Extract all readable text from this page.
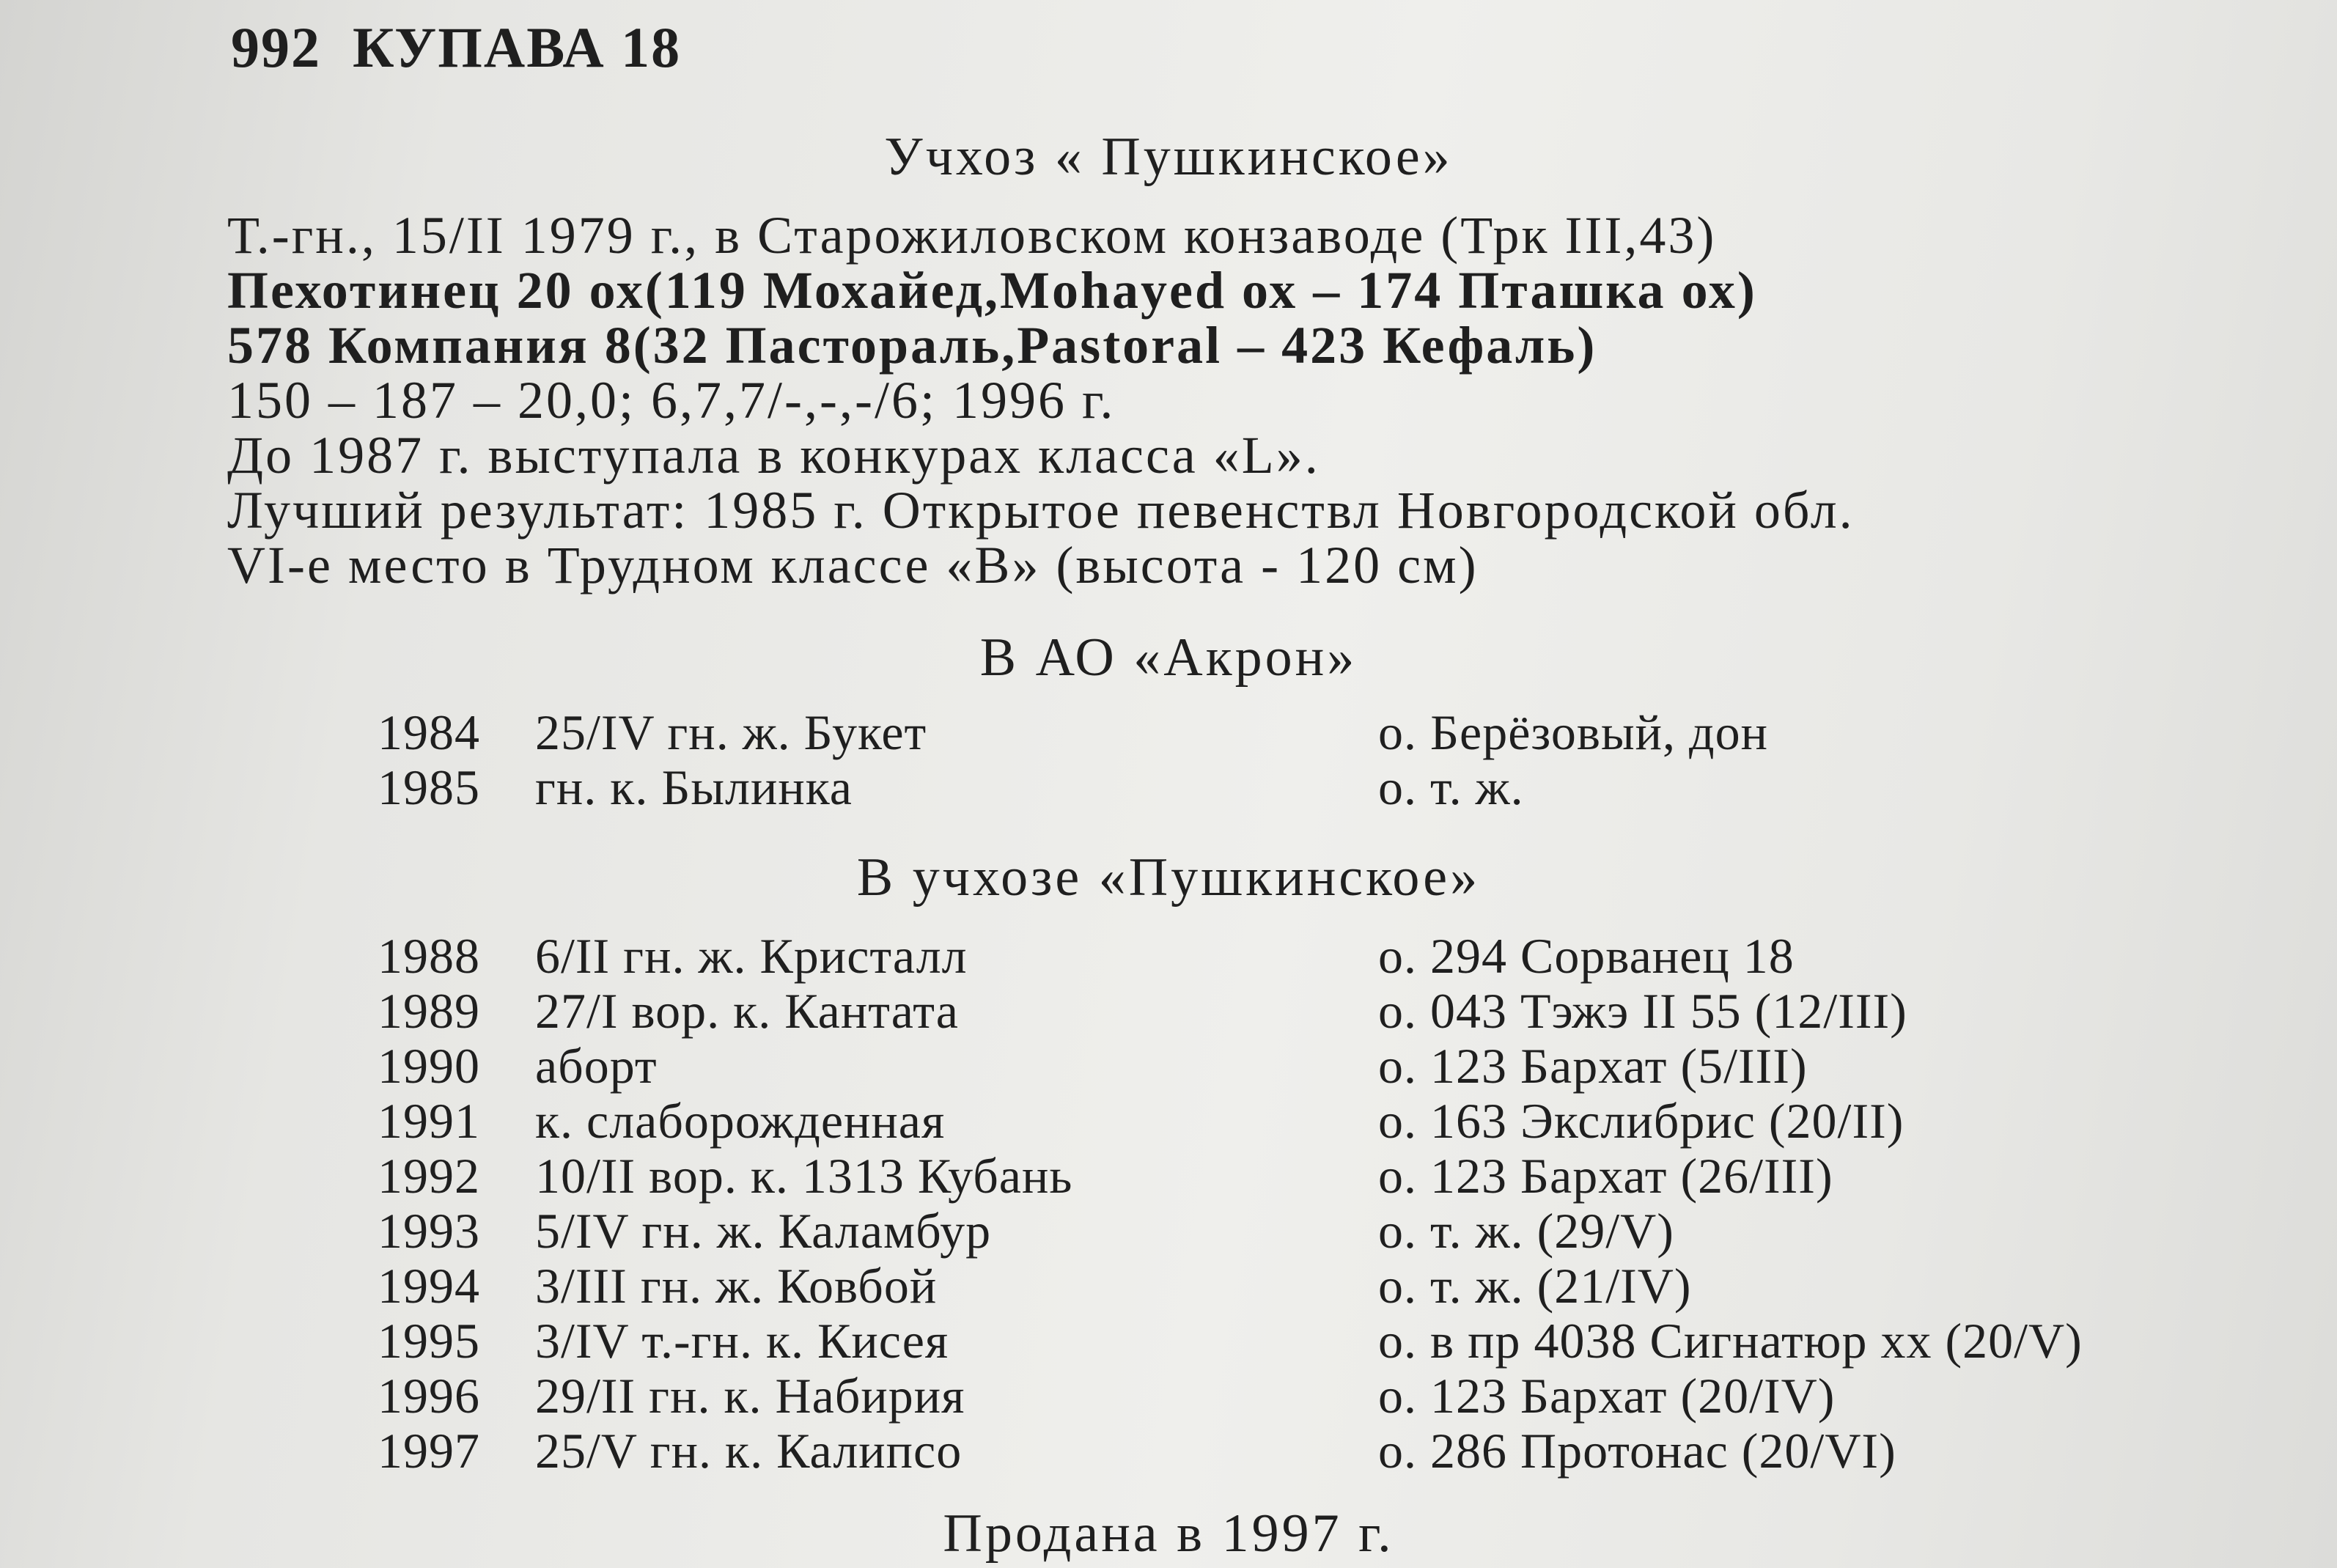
992  КУПАВА 18
Учхоз « Пушкинское»
Т.-гн., 15/II 1979 г., в Старожиловском конзаводе (Трк III,43)
Пехотинец 20 ох(119 Мохайед,Mohayed ох – 174 Пташка ох)
578 Компания 8(32 Пастораль,Pastoral – 423 Кефаль)
150 – 187 – 20,0; 6,7,7/-,-,-/6; 1996 г.
До 1987 г. выступала в конкурах класса «L».
Лучший результат: 1985 г. Открытое певенствл Новгородской обл.
VI-е место в Трудном классе «В» (высота - 120 см)
В АО «Акрон»
1984 25/IV гн. ж. Букет	о. Берёзовый, дон
1985 гн. к. Былинка	о. т. ж.
В учхозе «Пушкинское»
1988 6/II гн. ж. Кристалл	о. 294 Сорванец 18
1989 27/I вор. к. Кантата	о. 043 Тэжэ II 55 (12/III)
1990 аборт	о. 123 Бархат (5/III)
1991 к. слаборожденная	о. 163 Экслибрис (20/II)
1992 10/II вор. к. 1313 Кубань	о. 123 Бархат (26/III)
1993 5/IV гн. ж. Каламбур	о. т. ж. (29/V)
1994 3/III гн. ж. Ковбой	о. т. ж. (21/IV)
1995 3/IV т.-гн. к. Кисея	о. в пр 4038 Сигнатюр хх (20/V)
1996 29/II гн. к. Набирия	о. 123 Бархат (20/IV)
1997 25/V гн. к. Калипсо	о. 286 Протонас (20/VI)
Продана в 1997 г.
